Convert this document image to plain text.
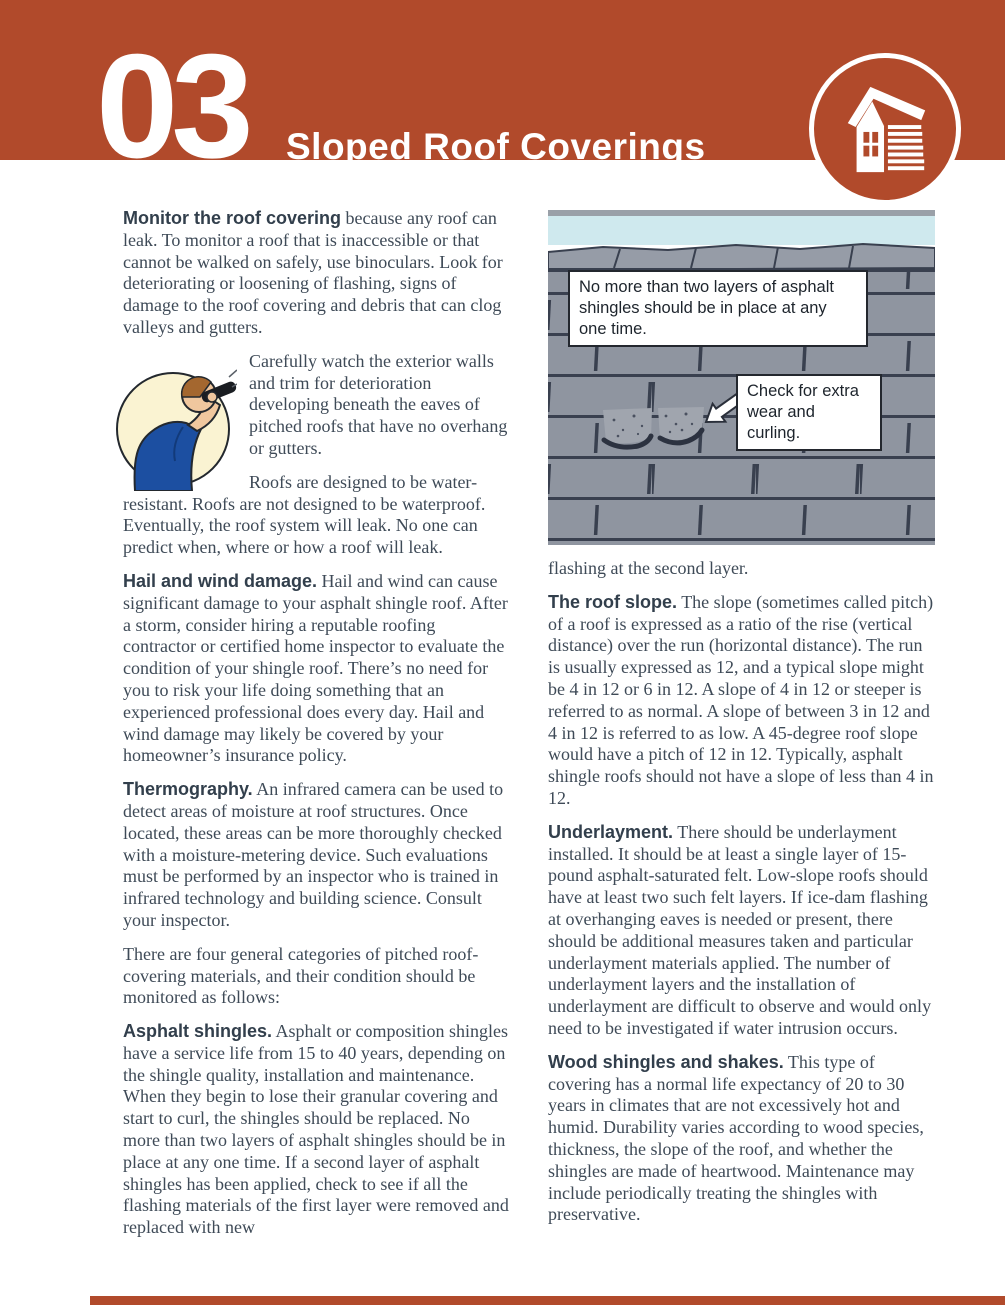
03 Sloped Roof Coverings

Monitor the roof covering because any roof can leak. To monitor a roof that is inaccessible or that cannot be walked on safely, use binoculars. Look for deteriorating or loosening of flashing, signs of damage to the roof covering and debris that can clog valleys and gutters.

Carefully watch the exterior walls and trim for deterioration developing beneath the eaves of pitched roofs that have no overhang or gutters.

Roofs are designed to be water-resistant. Roofs are not designed to be waterproof. Eventually, the roof system will leak. No one can predict when, where or how a roof will leak.

Hail and wind damage. Hail and wind can cause significant damage to your asphalt shingle roof. After a storm, consider hiring a reputable roofing contractor or certified home inspector to evaluate the condition of your shingle roof. There’s no need for you to risk your life doing something that an experienced professional does every day. Hail and wind damage may likely be covered by your homeowner’s insurance policy.

Thermography. An infrared camera can be used to detect areas of moisture at roof structures. Once located, these areas can be more thoroughly checked with a moisture-metering device. Such evaluations must be performed by an inspector who is trained in infrared technology and building science. Consult your inspector.

There are four general categories of pitched roof-covering materials, and their condition should be monitored as follows:

Asphalt shingles. Asphalt or composition shingles have a service life from 15 to 40 years, depending on the shingle quality, installation and maintenance. When they begin to lose their granular covering and start to curl, the shingles should be replaced. No more than two layers of asphalt shingles should be in place at any one time. If a second layer of asphalt shingles has been applied, check to see if all the flashing materials of the first layer were removed and replaced with new

No more than two layers of asphalt shingles should be in place at any one time.
Check for extra wear and curling.

flashing at the second layer.

The roof slope. The slope (sometimes called pitch) of a roof is expressed as a ratio of the rise (vertical distance) over the run (horizontal distance). The run is usually expressed as 12, and a typical slope might be 4 in 12 or 6 in 12. A slope of 4 in 12 or steeper is referred to as normal. A slope of between 3 in 12 and 4 in 12 is referred to as low. A 45-degree roof slope would have a pitch of 12 in 12. Typically, asphalt shingle roofs should not have a slope of less than 4 in 12.

Underlayment. There should be underlayment installed. It should be at least a single layer of 15-pound asphalt-saturated felt. Low-slope roofs should have at least two such felt layers. If ice-dam flashing at overhanging eaves is needed or present, there should be additional measures taken and particular underlayment materials applied. The number of underlayment layers and the installation of underlayment are difficult to observe and would only need to be investigated if water intrusion occurs.

Wood shingles and shakes. This type of covering has a normal life expectancy of 20 to 30 years in climates that are not excessively hot and humid. Durability varies according to wood species, thickness, the slope of the roof, and whether the shingles are made of heartwood. Maintenance may include periodically treating the shingles with preservative.
